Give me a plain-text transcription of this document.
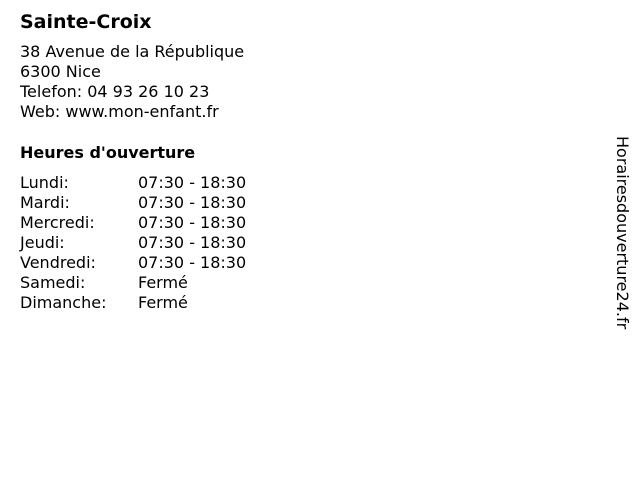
Sainte-Croix
38 Avenue de la République
6300 Nice
Telefon: 04 93 26 10 23
Web: www.mon-enfant.fr
Heures d'ouverture
Lundi:	07:30 - 18:30
Mardi:	07:30 - 18:30
Mercredi:	07:30 - 18:30
Jeudi:	07:30 - 18:30
Vendredi:	07:30 - 18:30
Samedi:	Fermé
Dimanche:	Fermé	Horairesdouverture24.fr
